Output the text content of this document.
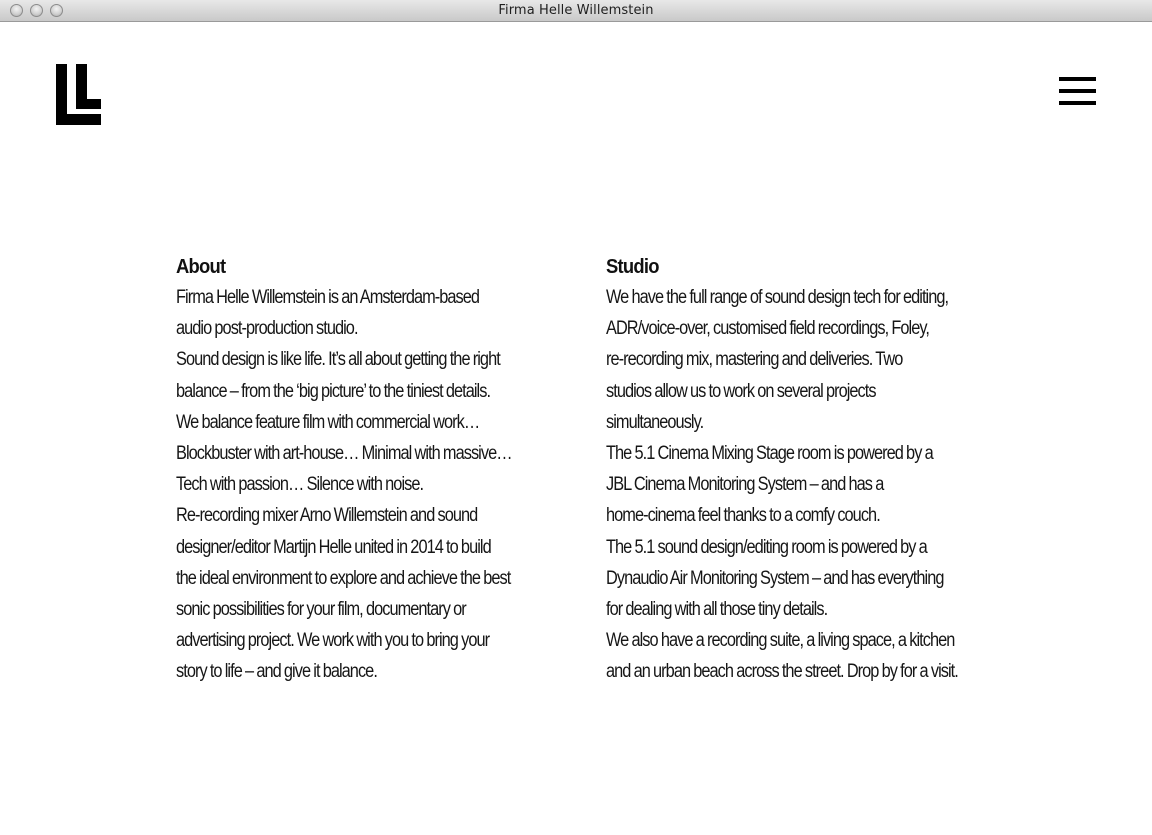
Firma Helle Willemstein
About

Firma Helle Willemstein is an Amsterdam-based

audio post-production studio.

Sound design is like life. It’s all about getting the right

balance – from the ‘big picture’ to the tiniest details.

We balance feature film with commercial work…

Blockbuster with art-house… Minimal with massive…

Tech with passion… Silence with noise.

Re-recording mixer Arno Willemstein and sound

designer/editor Martijn Helle united in 2014 to build

the ideal environment to explore and achieve the best

sonic possibilities for your film, documentary or

advertising project. We work with you to bring your

story to life – and give it balance.

Studio

We have the full range of sound design tech for editing,

ADR/voice-over, customised field recordings, Foley,

re-recording mix, mastering and deliveries. Two

studios allow us to work on several projects

simultaneously.

The 5.1 Cinema Mixing Stage room is powered by a

JBL Cinema Monitoring System – and has a

home-cinema feel thanks to a comfy couch.

The 5.1 sound design/editing room is powered by a

Dynaudio Air Monitoring System – and has everything

for dealing with all those tiny details.

We also have a recording suite, a living space, a kitchen

and an urban beach across the street. Drop by for a visit.
